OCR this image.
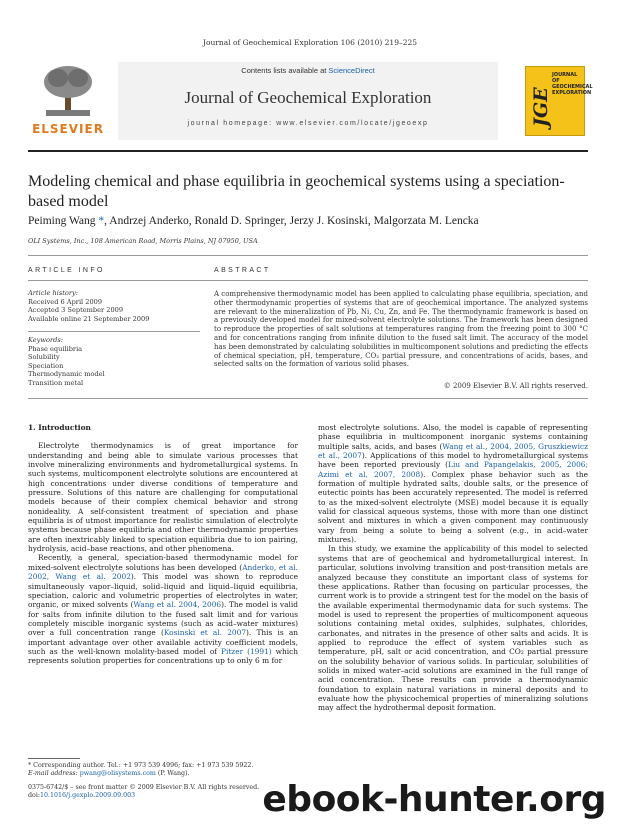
Journal of Geochemical Exploration 106 (2010) 219–225
ELSEVIER
Contents lists available at ScienceDirect
Journal of Geochemical Exploration
journal homepage: www.elsevier.com/locate/jgeoexp	JGE
JOURNAL OF GEOCHEMICAL EXPLORATION
Modeling chemical and phase equilibria in geochemical systems using a speciation-based model
Peiming Wang *, Andrzej Anderko, Ronald D. Springer, Jerzy J. Kosinski, Malgorzata M. Lencka
OLI Systems, Inc., 108 American Road, Morris Plains, NJ 07950, USA
ARTICLE INFO	ABSTRACT
Article history:
Received 6 April 2009
Accepted 3 September 2009
Available online 21 September 2009
Keywords:
Phase equilibria
Solubility
Speciation
Thermodynamic model
Transition metal
A comprehensive thermodynamic model has been applied to calculating phase equilibria, speciation, and other thermodynamic properties of systems that are of geochemical importance. The analyzed systems are relevant to the mineralization of Pb, Ni, Cu, Zn, and Fe. The thermodynamic framework is based on a previously developed model for mixed-solvent electrolyte solutions. The framework has been designed to reproduce the properties of salt solutions at temperatures ranging from the freezing point to 300 °C and for concentrations ranging from infinite dilution to the fused salt limit. The accuracy of the model has been demonstrated by calculating solubilities in multicomponent solutions and predicting the effects of chemical speciation, pH, temperature, CO₂ partial pressure, and concentrations of acids, bases, and selected salts on the formation of various solid phases.
© 2009 Elsevier B.V. All rights reserved.
1. Introduction

Electrolyte thermodynamics is of great importance for understanding and being able to simulate various processes that involve mineralizing environments and hydrometallurgical systems. In such systems, multicomponent electrolyte solutions are encountered at high concentrations under diverse conditions of temperature and pressure. Solutions of this nature are challenging for computational models because of their complex chemical behavior and strong nonideality. A self-consistent treatment of speciation and phase equilibria is of utmost importance for realistic simulation of electrolyte systems because phase equilibria and other thermodynamic properties are often inextricably linked to speciation equilibria due to ion pairing, hydrolysis, acid–base reactions, and other phenomena.

Recently, a general, speciation-based thermodynamic model for mixed-solvent electrolyte solutions has been developed (Anderko, et al. 2002, Wang et al. 2002). This model was shown to reproduce simultaneously vapor–liquid, solid–liquid and liquid–liquid equilibria, speciation, caloric and volumetric properties of electrolytes in water, organic, or mixed solvents (Wang et al. 2004, 2006). The model is valid for salts from infinite dilution to the fused salt limit and for various completely miscible inorganic systems (such as acid–water mixtures) over a full concentration range (Kosinski et al. 2007). This is an important advantage over other available activity coefficient models, such as the well-known molality-based model of Pitzer (1991) which represents solution properties for concentrations up to only 6 m for

most electrolyte solutions. Also, the model is capable of representing phase equilibria in multicomponent inorganic systems containing multiple salts, acids, and bases (Wang et al., 2004, 2005, Gruszkiewicz et al., 2007). Applications of this model to hydrometallurgical systems have been reported previously (Liu and Papangelakis, 2005, 2006; Azimi et al, 2007, 2008). Complex phase behavior such as the formation of multiple hydrated salts, double salts, or the presence of eutectic points has been accurately represented. The model is referred to as the mixed-solvent electrolyte (MSE) model because it is equally valid for classical aqueous systems, those with more than one distinct solvent and mixtures in which a given component may continuously vary from being a solute to being a solvent (e.g., in acid–water mixtures).

In this study, we examine the applicability of this model to selected systems that are of geochemical and hydrometallurgical interest. In particular, solutions involving transition and post-transition metals are analyzed because they constitute an important class of systems for these applications. Rather than focusing on particular processes, the current work is to provide a stringent test for the model on the basis of the available experimental thermodynamic data for such systems. The model is used to represent the properties of multicomponent aqueous solutions containing metal oxides, sulphides, sulphates, chlorides, carbonates, and nitrates in the presence of other salts and acids. It is applied to reproduce the effect of system variables such as temperature, pH, salt or acid concentration, and CO₂ partial pressure on the solubility behavior of various solids. In particular, solubilities of solids in mixed water–acid solutions are examined in the full range of acid concentration. These results can provide a thermodynamic foundation to explain natural variations in mineral deposits and to evaluate how the physicochemical properties of mineralizing solutions may affect the hydrothermal deposit formation.

* Corresponding author. Tel.: +1 973 539 4996; fax: +1 973 539 5922.
E-mail address: pwang@olisystems.com (P. Wang).
0375-6742/$ – see front matter © 2009 Elsevier B.V. All rights reserved.
doi:10.1016/j.gexplo.2009.09.003	ebook-hunter.org
